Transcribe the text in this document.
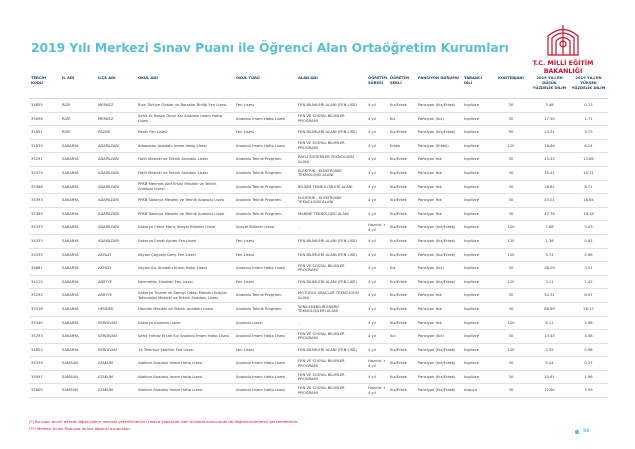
2019 Yılı Merkezi Sınav Puanı ile Öğrenci Alan Ortaöğretim Kurumları
T.C. MİLLİ EĞİTİM
BAKANLIĞI
TERCİH KODU	İL ADI	İLÇE ADI	OKUL ADI	OKUL TÜRÜ	ALAN ADI	ÖĞRETİM SÜRESİ	ÖĞRETİM ŞEKLİ	PANSİYON DURUMU	YABANCI DİLİ	KONTENJANI	2019 YILI EN DÜŞÜK YÜZDELİK DİLİM	2019 YILI EN YÜKSEK YÜZDELİK DİLİM
34855	RİZE	MERKEZ	Rize Türkiye Odalar ve Borsalar Birliği Fen Lisesi	Fen Lisesi	FEN BİLİMLERİ ALANI (FEN LİSE)	4 yıl	Kız/Erkek	Pansiyon (Kız/Erkek)	İngilizce	30	3.48	0.13
35096	RİZE	MERKEZ	Şehit Er Hasan Durul Kız Anadolu İmam Hatip Lisesi	Anadolu İmam Hatip Lisesi	FEN VE SOSYAL BİLİMLER PROGRAMI	4 yıl	Kız	Pansiyon (Kız)	İngilizce	30	17.50	1.71
31851	RİZE	PAZAR	Pazar Fen Lisesi	Fen Lisesi	FEN BİLİMLERİ ALANI (FEN LİSE)	4 yıl	Kız/Erkek	Pansiyon (Kız/Erkek)	İngilizce	90	14.31	3.73
31839	SAKARYA	ADAPAZARI	Adapazarı Anadolu İmam Hatip Lisesi	Anadolu İmam Hatip Lisesi	FEN VE SOSYAL BİLİMLER PROGRAMI	4 yıl	Erkek	Pansiyon (Erkek)	İngilizce	120	16.64	6.24
35291	SAKARYA	ADAPAZARI	Fatih Mesleki ve Teknik Anadolu Lisesi	Anadolu Teknik Programı	RAYLI SİSTEMLER TEKNOLOJİSİ ALANI	4 yıl	Kız/Erkek	Pansiyon Yok	İngilizce	30	45.52	13.86
35379	SAKARYA	ADAPAZARI	Fatih Mesleki ve Teknik Anadolu Lisesi	Anadolu Teknik Programı	ELEKTRİK - ELEKTRONİK TEKNOLOJİSİ ALANI	4 yıl	Kız/Erkek	Pansiyon Yok	İngilizce	30	35.41	15.71
35388	SAKARYA	ADAPAZARI	PPKB Mehmet Akif Ersoy Mesleki ve Teknik Anadolu Lisesi	Anadolu Teknik Programı	BİLİŞİM TEKNOLOJİLERİ ALANI	4 yıl	Kız/Erkek	Pansiyon Yok	İngilizce	30	28.81	8.71
35393	SAKARYA	ADAPAZARI	PPKB Sakarya Mesleki ve Teknik Anadolu Lisesi	Anadolu Teknik Programı	ELEKTRİK - ELEKTRONİK TEKNOLOJİSİ ALANI	4 yıl	Kız/Erkek	Pansiyon Yok	İngilizce	30	43.01	18.64
35389	SAKARYA	ADAPAZARI	PPKB Sakarya Mesleki ve Teknik Anadolu Lisesi	Anadolu Teknik Programı	MAKİNE TEKNOLOJİSİ ALANI	4 yıl	Kız/Erkek	Pansiyon Yok	İngilizce	30	47.76	19.18
34333	SAKARYA	ADAPAZARI	Sakarya Cemil Meriç Sosyal Bilimler Lisesi	Sosyal Bilimler Lisesi	-	Hazırlık + 4 yıl	Kız/Erkek	Pansiyon (Kız/Erkek)	İngilizce	120	7.86	3.43
34333	SAKARYA	ADAPAZARI	Sakarya Cevat Ayhan Fen Lisesi	Fen Lisesi	FEN BİLİMLERİ ALANI (FEN LİSE)	4 yıl	Kız/Erkek	Pansiyon (Kız/Erkek)	İngilizce	120	1.38	0.02
34335	SAKARYA	AKYAZI	Akyazı Çayyağı Genç Fen Lisesi	Fen Lisesi	FEN BİLİMLERİ ALANI (FEN LİSE)	4 yıl	Kız/Erkek	Pansiyon (Kız/Erkek)	İngilizce	120	5.74	0.98
35687	SAKARYA	AKYAZI	Akyazı Kız Anadolu İmam Hatip Lisesi	Anadolu İmam Hatip Lisesi	FEN VE SOSYAL BİLİMLER PROGRAMI	4 yıl	Kız	Pansiyon (Kız)	İngilizce	30	26.09	3.01
34215	SAKARYA	ARİFİYE	Nevmettin Erbakan Fen Lisesi	Fen Lisesi	FEN BİLİMLERİ ALANI (FEN LİSE)	4 yıl	Kız/Erkek	Pansiyon (Kız/Erkek)	İngilizce	120	3.11	1.42
35292	SAKARYA	ARİFİYE	Sakarya Ticaret ve Sanayi Odası Motorlu Araçlar Teknolojisi Mesleki ve Teknik Anadolu Lisesi	Anadolu Teknik Programı	MOTORLU ARAÇLAR TEKNOLOJİSİ ALANI	4 yıl	Kız/Erkek	Pansiyon Yok	İngilizce	30	50.31	8.97
35318	SAKARYA	HENDEK	Hendek Mesleki ve Teknik Anadolu Lisesi	Anadolu Teknik Programı	YENİLENEBİLİR ENERJİ TEKNOLOJİLERİ ALANI	4 yıl	Kız/Erkek	Pansiyon Yok	İngilizce	30	68.69	26.17
35340	SAKARYA	SERDİVAN	Sakarya Anadolu Lisesi	Anadolu Lisesi	-	4 yıl	Kız/Erkek	Pansiyon Yok	İngilizce	120	8.11	1.98
35293	SAKARYA	SERDİVAN	Şehit Yılmaz Ercan Kız Anadolu İmam Hatip Lisesi	Anadolu İmam Hatip Lisesi	FEN VE SOSYAL BİLİMLER PROGRAMI	4 yıl	Kız	Pansiyon (Kız)	İngilizce	30	13.45	4.58
34852	SAKARYA	SERDİVAN	15 Temmuz Şehitler Fen Lisesi	Fen Lisesi	FEN BİLİMLERİ ALANI (FEN LİSE)	4 yıl	Kız/Erkek	Pansiyon (Kız/Erkek)	İngilizce	120	3.55	0.98
35335	SAMSUN	ATAKUM	Atakum Anadolu İmam Hatip Lisesi	Anadolu İmam Hatip Lisesi	FEN VE SOSYAL BİLİMLER PROGRAMI	Hazırlık + 4 yıl	Kız/Erkek	Pansiyon (Kız/Erkek)	İngilizce	30	5.44	0.37
35597	SAMSUN	ATAKUM	Atakum Anadolu İmam Hatip Lisesi	Anadolu İmam Hatip Lisesi	FEN VE SOSYAL BİLİMLER PROGRAMI	4 yıl	Kız/Erkek	Pansiyon (Kız/Erkek)	İngilizce	30	10.61	1.96
35600	SAMSUN	ATAKUM	Atakum Anadolu İmam Hatip Lisesi	Anadolu İmam Hatip Lisesi	FEN VE SOSYAL BİLİMLER PROGRAMI	Hazırlık + 4 yıl	Kız/Erkek	Pansiyon (Kız/Erkek)	Arapça	30	12.80	3.99
(*) Bu alanı tercih edecek öğrencilerin mesleki yeterliliklerinin sınava yapılacak olan mülakat sonucunda da değerlendirmeleri gerekmektedir.
(**) Merkezi Sınav Puanıyla ilk kez öğrenci alınacaktır.
56
